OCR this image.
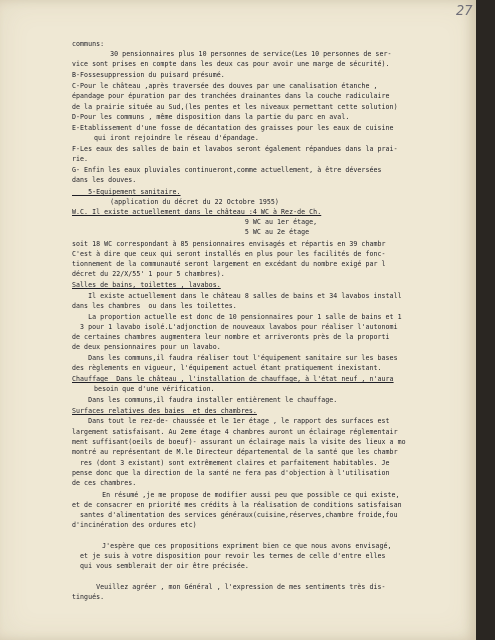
27
communs:
30 pensionnaires plus 10 personnes de service(Les 10 personnes de ser-
vice sont prises en compte dans les deux cas pour avoir une marge de sécurité).
B-Fossesuppression du puisard présumé.
C-Pour le château ,après traversée des douves par une canalisation étanche ,
épandage pour épuration par des tranchées drainantes dans la couche radiculaire
de la prairie située au Sud,(les pentes et les niveaux permettant cette solution)
D-Pour les communs , même disposition dans la partie du parc en aval.
E-Etablissement d'une fosse de décantation des graisses pour les eaux de cuisine
qui iront rejoindre le réseau d'épandage.
F-Les eaux des salles de bain et lavabos seront également répandues dans la prai-
rie.
G- Enfin les eaux pluviales continueront,comme actuellement, à être déversées
dans les douves.
5-Equipement sanitaire.
(application du décret du 22 Octobre 1955)
W.C. Il existe actuellement dans le château :4 WC à Rez-de Ch.
9 WC au 1er étage,
5 WC au 2e étage
soit 18 WC correspondant à 85 pensionnaires envisagés et répartis en 39 chambr
C'est à dire que ceux qui seront installés en plus pour les facilités de fonc-
tionnement de la communauté seront largement en excédant du nombre exigé par l
décret du 22/X/55' 1 pour 5 chambres).
Salles de bains, toilettes , lavabos.
Il existe actuellement dans le château 8 salles de bains et 34 lavabos install
dans les chambres  ou dans les toilettes.
La proportion actuelle est donc de 10 pensionnaires pour 1 salle de bains et 1
3 pour 1 lavabo isolé.L'adjonction de nouveaux lavabos pour réaliser l'autonomi
de certaines chambres augmentera leur nombre et arriveronts près de la proporti
de deux pensionnaires pour un lavabo.
Dans les communs,il faudra réaliser tout l'équipement sanitaire sur les bases
des règlements en vigueur, l'équipement actuel étant pratiquement inexistant.
Chauffage  Dans le château , l'installation de chauffage, à l'état neuf , n'aura
besoin que d'une vérification.
Dans les communs,il faudra installer entièrement le chauffage.
Surfaces relatives des baies  et des chambres.
Dans tout le rez-de- chaussée et le 1er étage , le rapport des surfaces est
largement satisfaisant. Au 2eme étage 4 chambres auront un éclairage réglementair
ment suffisant(oeils de boeuf)- assurant un éclairage mais la visite des lieux a mo
montré au représentant de M.le Directeur départemental de la santé que les chambr
res (dont 3 existant) sont extrêmement claires et parfaitement habitables. Je
pense donc que la direction de la santé ne fera pas d'objection à l'utilisation
de ces chambres.
En résumé ,je me propose de modifier aussi peu que possible ce qui existe,
et de consacrer en priorité mes crédits à la réalisation de conditions satisfaisan
santes d'alimentation des services généraux(cuisine,réserves,chambre froide,fou
d'incinération des ordures etc)
J'espère que ces propositions expriment bien ce que nous avons envisagé,
et je suis à votre disposition pour revoir les termes de celle d'entre elles
qui vous semblerait der oir être précisée.
Veuillez agréer , mon Général , l'expression de mes sentiments très dis-
tingués.
